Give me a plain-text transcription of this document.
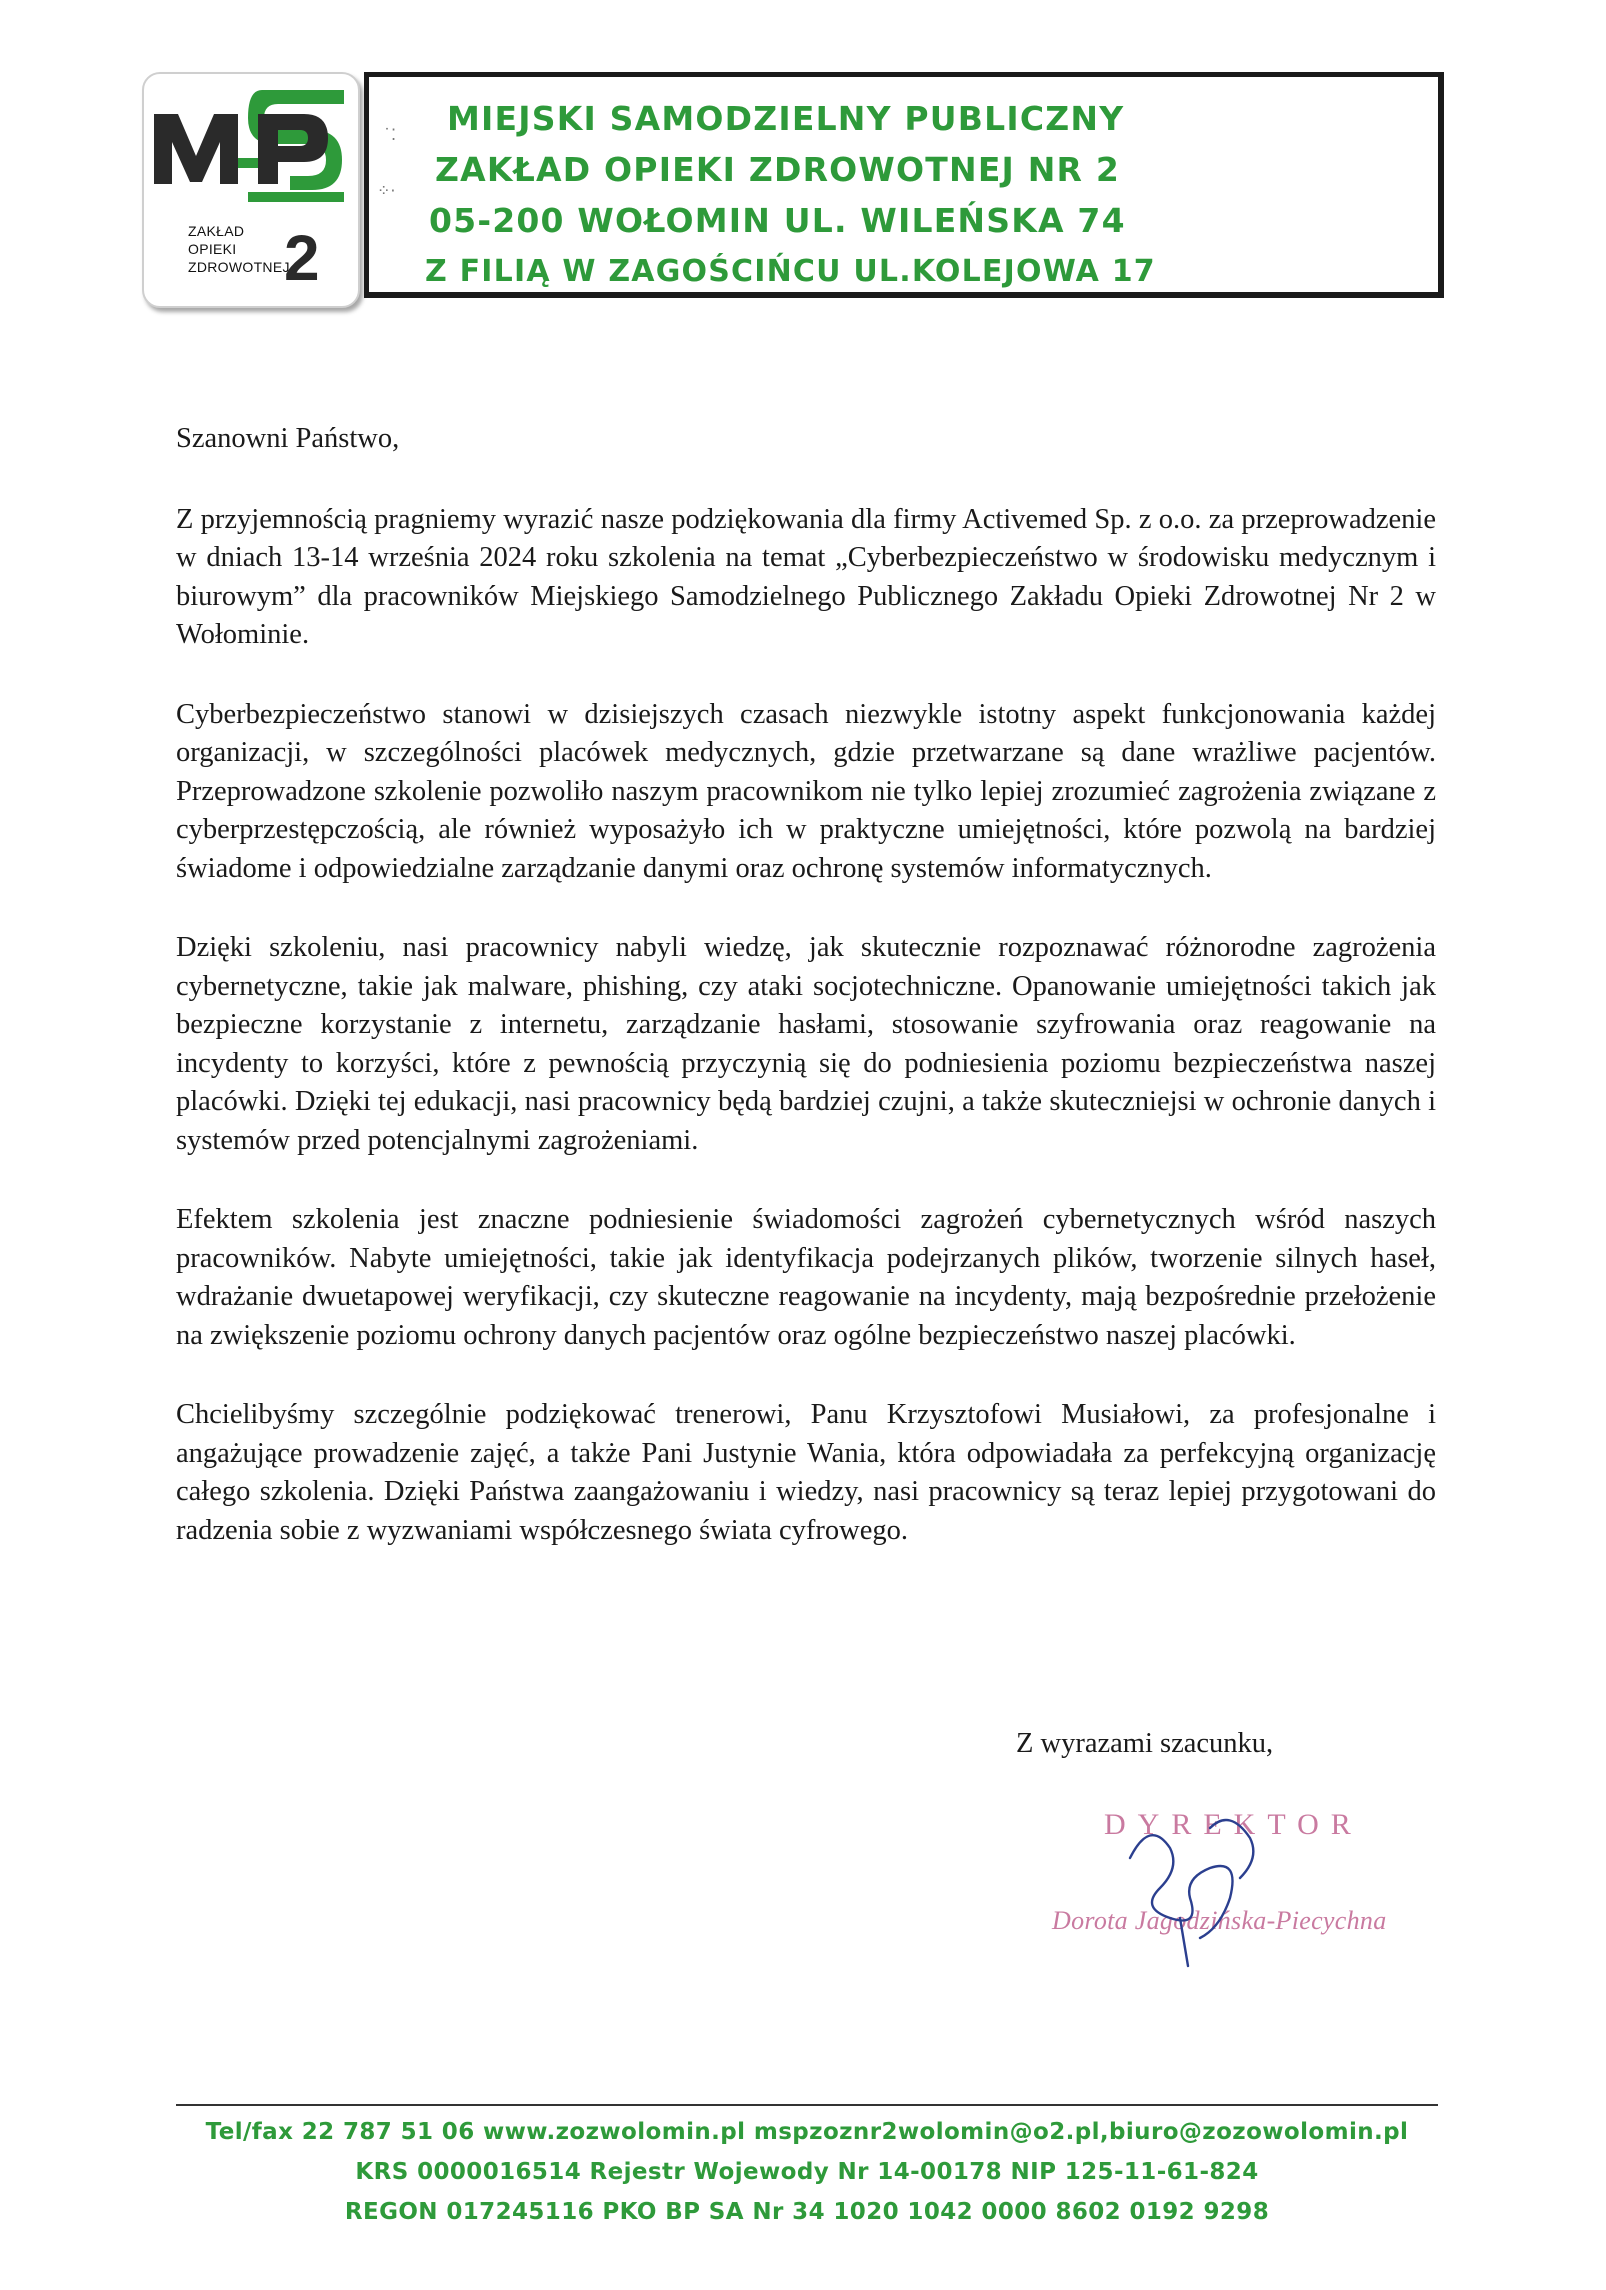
2
ZAKŁAD
OPIEKI
ZDROWOTNEJ
˙⁚
⁘·
MIEJSKI SAMODZIELNY PUBLICZNY
ZAKŁAD OPIEKI ZDROWOTNEJ NR 2
05-200 WOŁOMIN UL. WILEŃSKA 74
Z FILIĄ W ZAGOŚCIŃCU UL.KOLEJOWA 17

Szanowni Państwo,

Z przyjemnością pragniemy wyrazić nasze podziękowania dla firmy Activemed Sp. z o.o. za przeprowadzenie w dniach 13-14 września 2024 roku szkolenia na temat „Cyberbezpieczeństwo w środowisku medycznym i biurowym” dla pracowników Miejskiego Samodzielnego Publicznego Zakładu Opieki Zdrowotnej Nr 2 w Wołominie.

Cyberbezpieczeństwo stanowi w dzisiejszych czasach niezwykle istotny aspekt funkcjonowania każdej organizacji, w szczególności placówek medycznych, gdzie przetwarzane są dane wrażliwe pacjentów. Przeprowadzone szkolenie pozwoliło naszym pracownikom nie tylko lepiej zrozumieć zagrożenia związane z cyberprzestępczością, ale również wyposażyło ich w praktyczne umiejętności, które pozwolą na bardziej świadome i odpowiedzialne zarządzanie danymi oraz ochronę systemów informatycznych.

Dzięki szkoleniu, nasi pracownicy nabyli wiedzę, jak skutecznie rozpoznawać różnorodne zagrożenia cybernetyczne, takie jak malware, phishing, czy ataki socjotechniczne. Opanowanie umiejętności takich jak bezpieczne korzystanie z internetu, zarządzanie hasłami, stosowanie szyfrowania oraz reagowanie na incydenty to korzyści, które z pewnością przyczynią się do podniesienia poziomu bezpieczeństwa naszej placówki. Dzięki tej edukacji, nasi pracownicy będą bardziej czujni, a także skuteczniejsi w ochronie danych i systemów przed potencjalnymi zagrożeniami.

Efektem szkolenia jest znaczne podniesienie świadomości zagrożeń cybernetycznych wśród naszych pracowników. Nabyte umiejętności, takie jak identyfikacja podejrzanych plików, tworzenie silnych haseł, wdrażanie dwuetapowej weryfikacji, czy skuteczne reagowanie na incydenty, mają bezpośrednie przełożenie na zwiększenie poziomu ochrony danych pacjentów oraz ogólne bezpieczeństwo naszej placówki.

Chcielibyśmy szczególnie podziękować trenerowi, Panu Krzysztofowi Musiałowi, za profesjonalne i angażujące prowadzenie zajęć, a także Pani Justynie Wania, która odpowiadała za perfekcyjną organizację całego szkolenia. Dzięki Państwa zaangażowaniu i wiedzy, nasi pracownicy są teraz lepiej przygotowani do radzenia sobie z wyzwaniami współczesnego świata cyfrowego.

Z wyrazami szacunku,
DYREKTOR
Dorota Jagodzińska-Piecychna
Tel/fax 22 787 51 06 www.zozwolomin.pl mspzoznr2wolomin@o2.pl,biuro@zozowolomin.pl
KRS 0000016514 Rejestr Wojewody Nr 14-00178 NIP 125-11-61-824
REGON 017245116 PKO BP SA Nr 34 1020 1042 0000 8602 0192 9298
